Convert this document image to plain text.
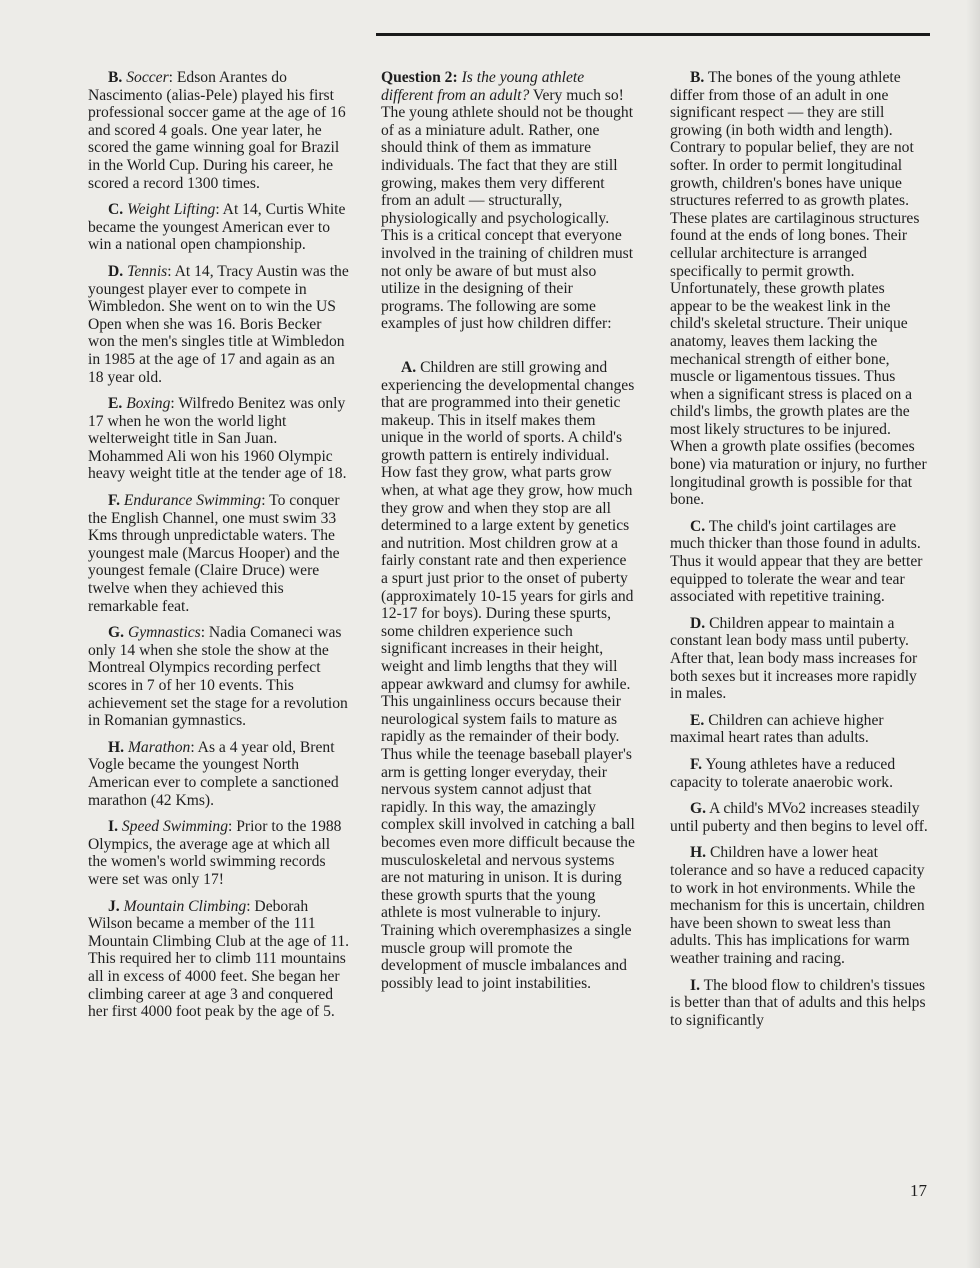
B. Soccer: Edson Arantes do Nascimento (alias-Pele) played his first professional soccer game at the age of 16 and scored 4 goals. One year later, he scored the game winning goal for Brazil in the World Cup. During his career, he scored a record 1300 times.

C. Weight Lifting: At 14, Curtis White became the youngest American ever to win a national open championship.

D. Tennis: At 14, Tracy Austin was the youngest player ever to compete in Wimbledon. She went on to win the US Open when she was 16. Boris Becker won the men's singles title at Wimbledon in 1985 at the age of 17 and again as an 18 year old.

E. Boxing: Wilfredo Benitez was only 17 when he won the world light welterweight title in San Juan. Mohammed Ali won his 1960 Olympic heavy weight title at the tender age of 18.

F. Endurance Swimming: To conquer the English Channel, one must swim 33 Kms through unpredictable waters. The youngest male (Marcus Hooper) and the youngest female (Claire Druce) were twelve when they achieved this remarkable feat.

G. Gymnastics: Nadia Comaneci was only 14 when she stole the show at the Montreal Olympics recording perfect scores in 7 of her 10 events. This achievement set the stage for a revolution in Romanian gymnastics.

H. Marathon: As a 4 year old, Brent Vogle became the youngest North American ever to complete a sanctioned marathon (42 Kms).

I. Speed Swimming: Prior to the 1988 Olympics, the average age at which all the women's world swimming records were set was only 17!

J. Mountain Climbing: Deborah Wilson became a member of the 111 Mountain Climbing Club at the age of 11. This required her to climb 111 mountains all in excess of 4000 feet. She began her climbing career at age 3 and conquered her first 4000 foot peak by the age of 5.

Question 2: Is the young athlete different from an adult? Very much so! The young athlete should not be thought of as a miniature adult. Rather, one should think of them as immature individuals. The fact that they are still growing, makes them very different from an adult — structurally, physiologically and psychologically. This is a critical concept that everyone involved in the training of children must not only be aware of but must also utilize in the designing of their programs. The following are some examples of just how children differ:

A. Children are still growing and experiencing the developmental changes that are programmed into their genetic makeup. This in itself makes them unique in the world of sports. A child's growth pattern is entirely individual. How fast they grow, what parts grow when, at what age they grow, how much they grow and when they stop are all determined to a large extent by genetics and nutrition. Most children grow at a fairly constant rate and then experience a spurt just prior to the onset of puberty (approximately 10-15 years for girls and 12-17 for boys). During these spurts, some children experience such significant increases in their height, weight and limb lengths that they will appear awkward and clumsy for awhile. This ungainliness occurs because their neurological system fails to mature as rapidly as the remainder of their body. Thus while the teenage baseball player's arm is getting longer everyday, their nervous system cannot adjust that rapidly. In this way, the amazingly complex skill involved in catching a ball becomes even more difficult because the musculoskeletal and nervous systems are not maturing in unison. It is during these growth spurts that the young athlete is most vulnerable to injury. Training which overemphasizes a single muscle group will promote the development of muscle imbalances and possibly lead to joint instabilities.

B. The bones of the young athlete differ from those of an adult in one significant respect — they are still growing (in both width and length). Contrary to popular belief, they are not softer. In order to permit longitudinal growth, children's bones have unique structures referred to as growth plates. These plates are cartilaginous structures found at the ends of long bones. Their cellular architecture is arranged specifically to permit growth. Unfortunately, these growth plates appear to be the weakest link in the child's skeletal structure. Their unique anatomy, leaves them lacking the mechanical strength of either bone, muscle or ligamentous tissues. Thus when a significant stress is placed on a child's limbs, the growth plates are the most likely structures to be injured. When a growth plate ossifies (becomes bone) via maturation or injury, no further longitudinal growth is possible for that bone.

C. The child's joint cartilages are much thicker than those found in adults. Thus it would appear that they are better equipped to tolerate the wear and tear associated with repetitive training.

D. Children appear to maintain a constant lean body mass until puberty. After that, lean body mass increases for both sexes but it increases more rapidly in males.

E. Children can achieve higher maximal heart rates than adults.

F. Young athletes have a reduced capacity to tolerate anaerobic work.

G. A child's MVo2 increases steadily until puberty and then begins to level off.

H. Children have a lower heat tolerance and so have a reduced capacity to work in hot environments. While the mechanism for this is uncertain, children have been shown to sweat less than adults. This has implications for warm weather training and racing.

I. The blood flow to children's tissues is better than that of adults and this helps to significantly

17
